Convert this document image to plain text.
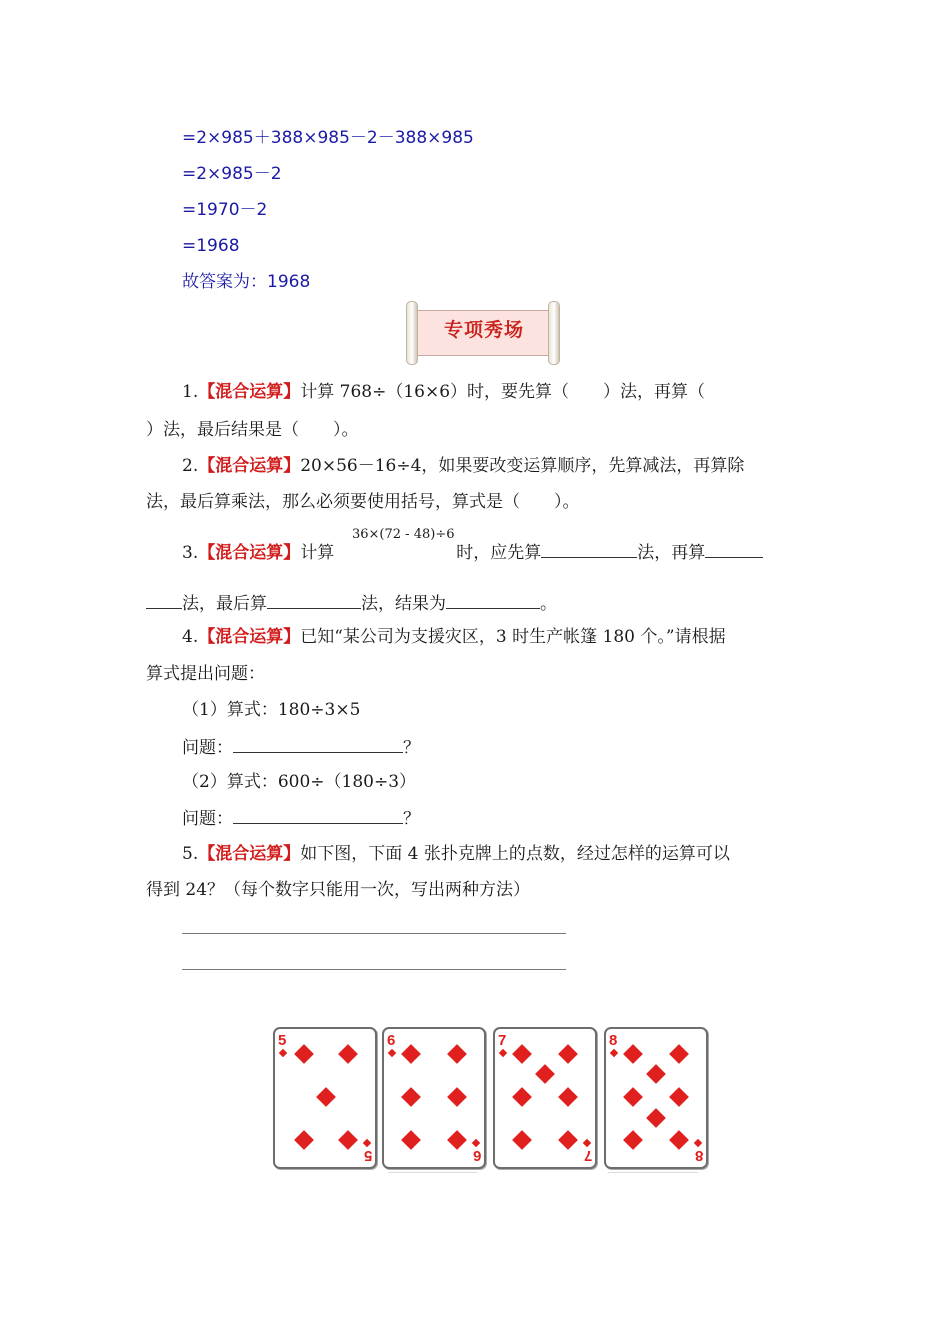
=2×985＋388×985－2－388×985
=2×985－2
=1970－2
=1968
故答案为：1968
专项秀场
1.【混合运算】计算 768÷（16×6）时，要先算（　　）法，再算（
）法，最后结果是（　　）。
2.【混合运算】20×56－16÷4，如果要改变运算顺序，先算减法，再算除
法，最后算乘法，那么必须要使用括号，算式是（　　）。
36×(72 - 48)÷6
3.【混合运算】计算	时，应先算	法，再算
法，最后算	法，结果为	。
4.【混合运算】已知“某公司为支援灾区，3 时生产帐篷 180 个。”请根据
算式提出问题：
（1）算式：180÷3×5
问题：	？
（2）算式：600÷（180÷3）
问题：	？
5.【混合运算】如下图，下面 4 张扑克牌上的点数，经过怎样的运算可以
得到 24？（每个数字只能用一次，写出两种方法）
5
5
6
6
7
7
8
8
